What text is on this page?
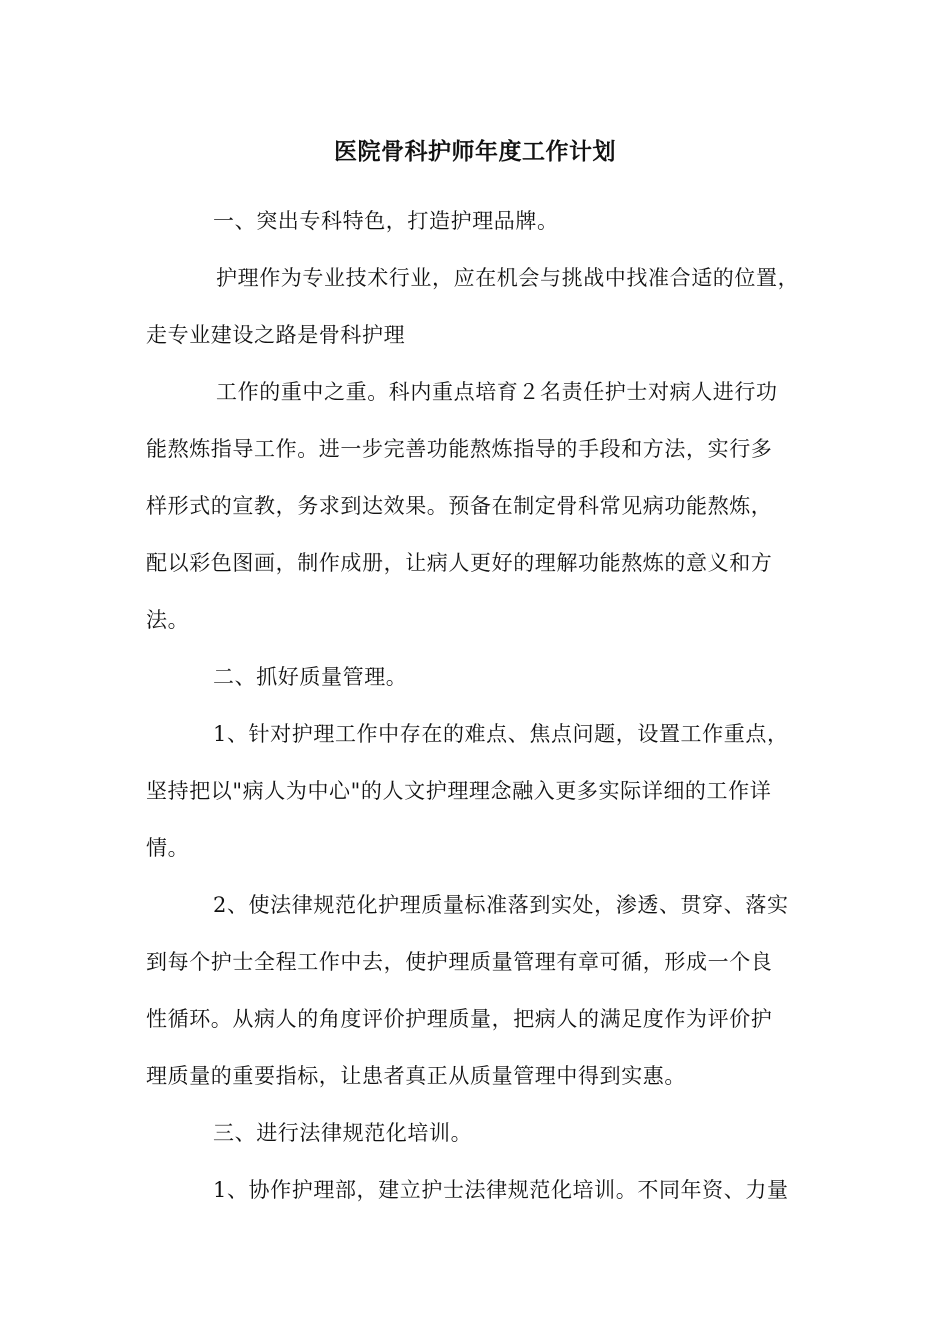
医院骨科护师年度工作计划
一、突出专科特色，打造护理品牌。
护理作为专业技术行业，应在机会与挑战中找准合适的位置，
走专业建设之路是骨科护理
工作的重中之重。科内重点培育２名责任护士对病人进行功
能熬炼指导工作。进一步完善功能熬炼指导的手段和方法，实行多
样形式的宣教，务求到达效果。预备在制定骨科常见病功能熬炼，
配以彩色图画，制作成册，让病人更好的理解功能熬炼的意义和方
法。
二、抓好质量管理。
1、针对护理工作中存在的难点、焦点问题，设置工作重点，
坚持把以"病人为中心"的人文护理理念融入更多实际详细的工作详
情。
2、使法律规范化护理质量标准落到实处，渗透、贯穿、落实
到每个护士全程工作中去，使护理质量管理有章可循，形成一个良
性循环。从病人的角度评价护理质量，把病人的满足度作为评价护
理质量的重要指标，让患者真正从质量管理中得到实惠。
三、进行法律规范化培训。
1、协作护理部，建立护士法律规范化培训。不同年资、力量
